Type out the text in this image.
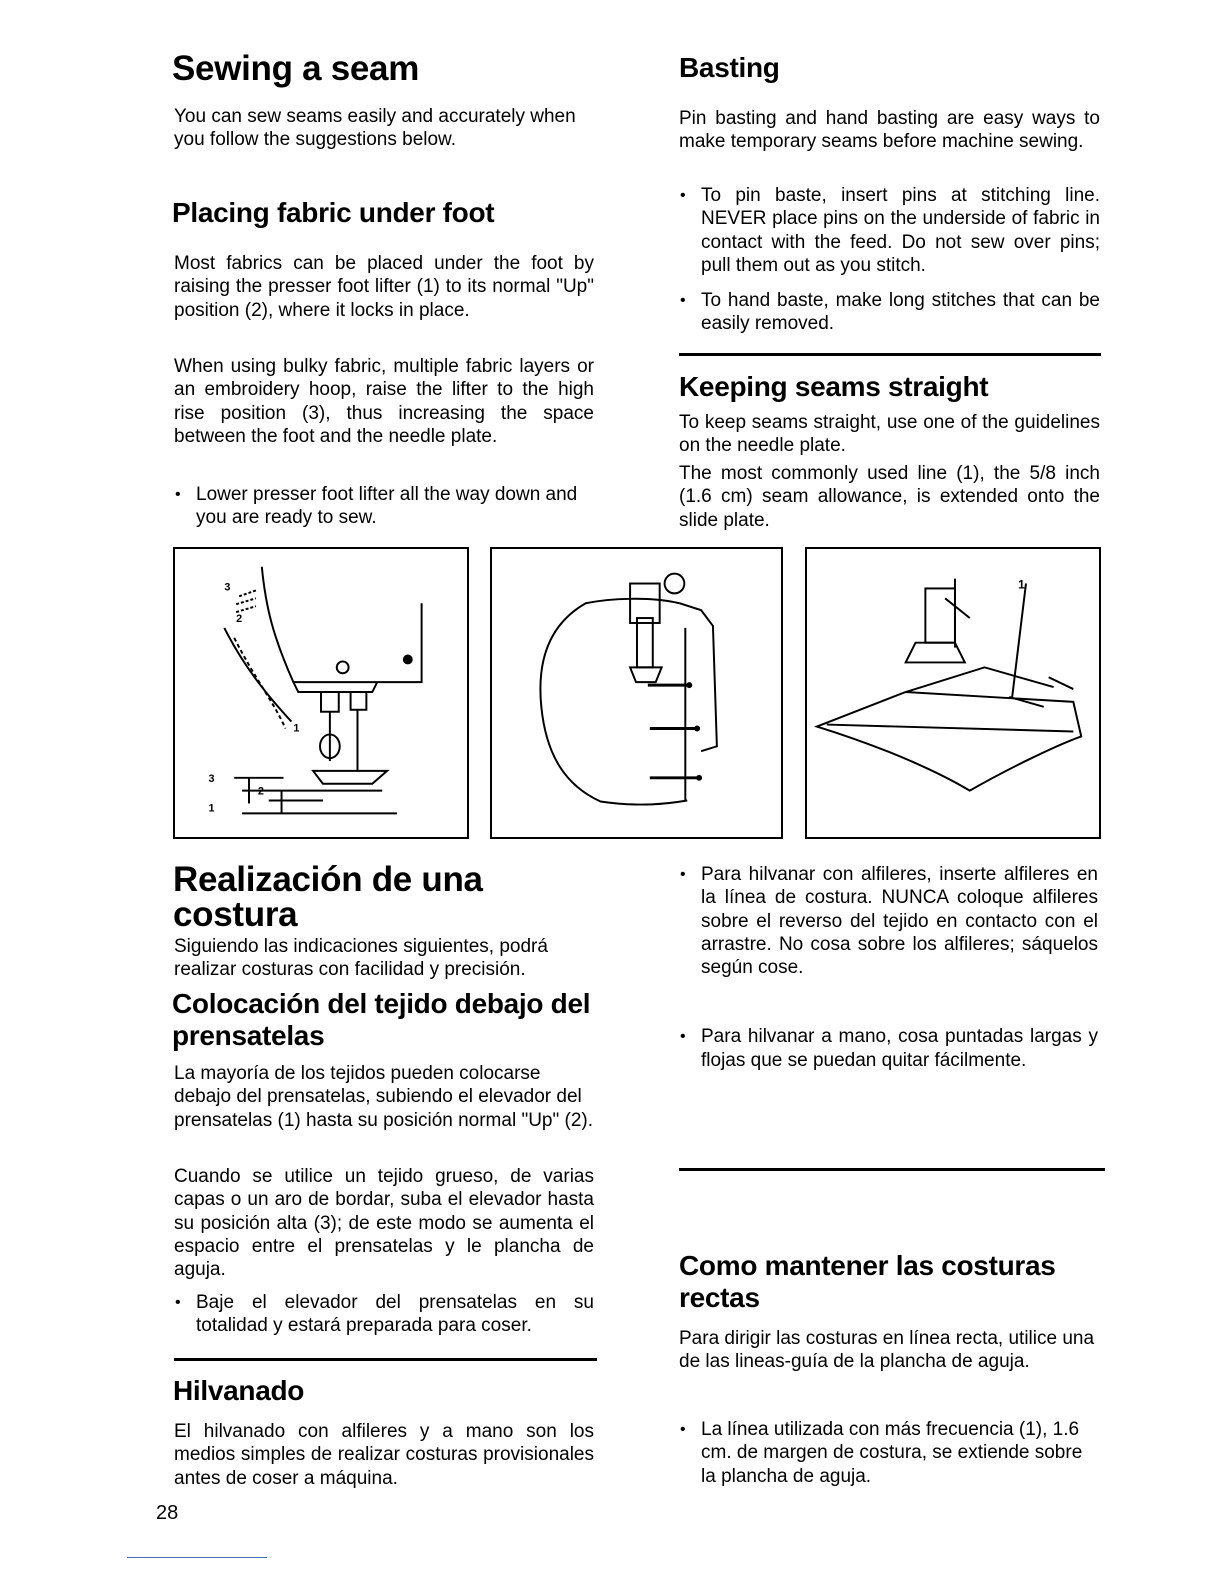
Sewing a seam

You can sew seams easily and accurately when you follow the suggestions below.

Placing fabric under foot

Most fabrics can be placed under the foot by raising the presser foot lifter (1) to its normal "Up" position (2), where it locks in place.

When using bulky fabric, multiple fabric layers or an embroidery hoop, raise the lifter to the high rise position (3), thus increasing the space between the foot and the needle plate.

• Lower presser foot lifter all the way down and you are ready to sew.
Basting

Pin basting and hand basting are easy ways to make temporary seams before machine sewing.

• To pin baste, insert pins at stitching line. NEVER place pins on the underside of fabric in contact with the feed. Do not sew over pins; pull them out as you stitch.
• To hand baste, make long stitches that can be easily removed.
Keeping seams straight

To keep seams straight, use one of the guidelines on the needle plate.

The most commonly used line (1), the 5/8 inch (1.6 cm) seam allowance, is extended onto the slide plate.

3
2
1
3
2
1
1
Realización de una costura

Siguiendo las indicaciones siguientes, podrá realizar costuras con facilidad y precisión.

Colocación del tejido debajo del prensatelas

La mayoría de los tejidos pueden colocarse debajo del prensatelas, subiendo el elevador del prensatelas (1) hasta su posición normal "Up" (2).

Cuando se utilice un tejido grueso, de varias capas o un aro de bordar, suba el elevador hasta su posición alta (3); de este modo se aumenta el espacio entre el prensatelas y le plancha de aguja.

• Baje el elevador del prensatelas en su totalidad y estará preparada para coser.
Hilvanado

El hilvanado con alfileres y a mano son los medios simples de realizar costuras provisionales antes de coser a máquina.

• Para hilvanar con alfileres, inserte alfileres en la línea de costura. NUNCA coloque alfileres sobre el reverso del tejido en contacto con el arrastre. No cosa sobre los alfileres; sáquelos según cose.
• Para hilvanar a mano, cosa puntadas largas y flojas que se puedan quitar fácilmente.
Como mantener las costuras rectas

Para dirigir las costuras en línea recta, utilice una de las lineas-guía de la plancha de aguja.

• La línea utilizada con más frecuencia (1), 1.6 cm. de margen de costura, se extiende sobre la plancha de aguja.
28
